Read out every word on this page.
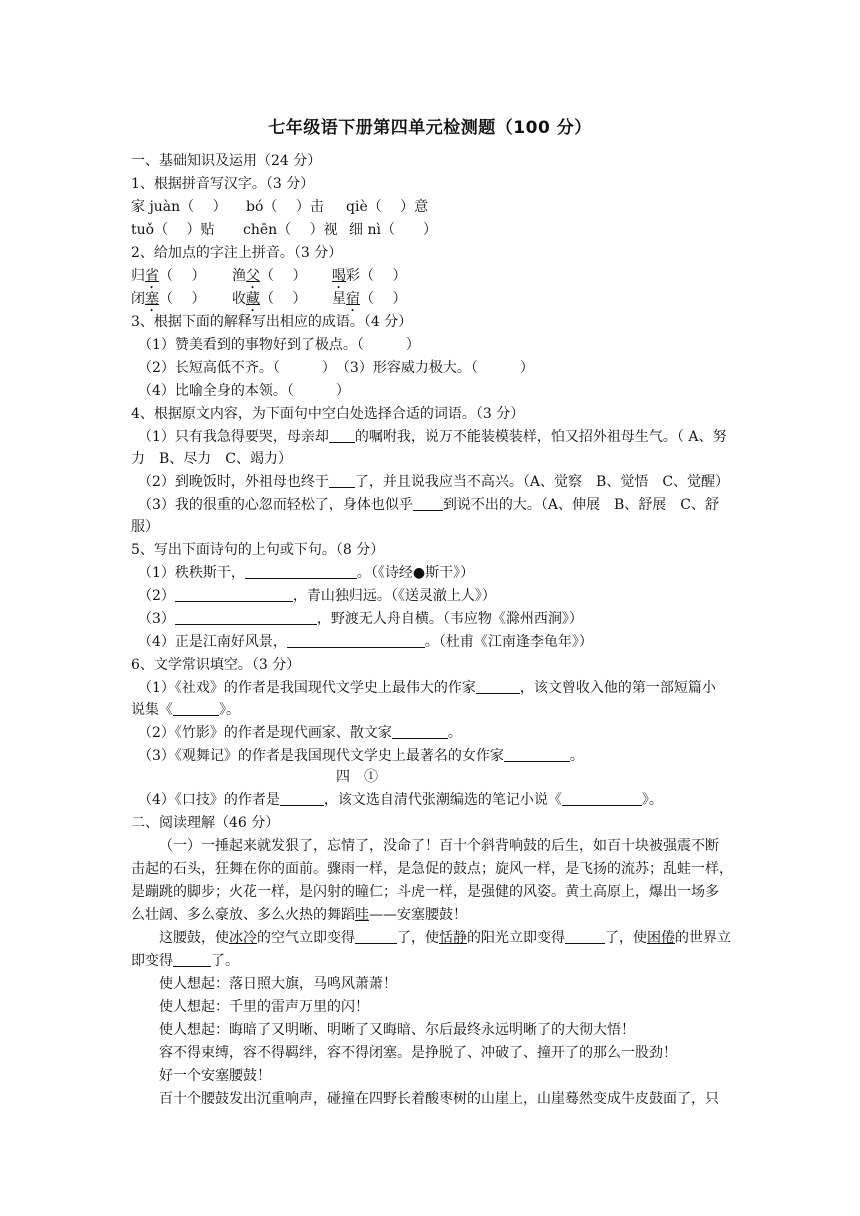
七年级语下册第四单元检测题（100 分）
一、基础知识及运用（24 分）
1、根据拼音写汉字。（3 分）
家 juàn（　 ） bó（　 ）击 qiè（　 ）意
tuǒ（　 ）贴 chēn（　 ）视 细 nì（　　）
2、给加点的字注上拼音。（3 分）
归省（　 ） 渔父（　 ） 喝彩（　 ）
闭塞（　 ） 收藏（　 ） 星宿（　 ）
3、根据下面的解释写出相应的成语。（4 分）
（1）赞美看到的事物好到了极点。（　　　）
（2）长短高低不齐。（　　　）　（3）形容威力极大。（　　　）
（4）比喻全身的本领。（　　　）
4、根据原文内容，为下面句中空白处选择合适的词语。（3 分）
（1）只有我急得要哭，母亲却 的嘱咐我，说万不能装模装样，怕又招外祖母生气。（ A、努
力　B、尽力　C、竭力）
（2）到晚饭时，外祖母也终于 了，并且说我应当不高兴。（A、觉察　B、觉悟　C、觉醒）
（3）我的很重的心忽而轻松了，身体也似乎 到说不出的大。（A、伸展　B、舒展　C、舒
服）
5、写出下面诗句的上句或下句。（8 分）
（1）秩秩斯干，	。（《诗经●斯干》）
（2）	，青山独归远。（《送灵澈上人》）
（3）	，野渡无人舟自横。（韦应物《滁州西涧》）
（4）正是江南好风景，	。（杜甫《江南逢李龟年》）
6、文学常识填空。（3 分）
（1）《社戏》的作者是我国现代文学史上最伟大的作家	，该文曾收入他的第一部短篇小
说集《	》。
（2）《竹影》的作者是现代画家、散文家	。
（3）《观舞记》的作者是我国现代文学史上最著名的女作家	。
四　①
（4）《口技》的作者是	，该文选自清代张潮编选的笔记小说《	》。
二、阅读理解（46 分）
（一）一捶起来就发狠了，忘情了，没命了！百十个斜背响鼓的后生，如百十块被强震不断
击起的石头，狂舞在你的面前。骤雨一样，是急促的鼓点；旋风一样，是飞扬的流苏；乱蛙一样，
是蹦跳的脚步；火花一样，是闪射的瞳仁；斗虎一样，是强健的风姿。黄土高原上，爆出一场多
么壮阔、多么豪放、多么火热的舞蹈哇——安塞腰鼓！
这腰鼓，使冰冷的空气立即变得	了，使恬静的阳光立即变得	了，使困倦的世界立
即变得	了。
使人想起：落日照大旗，马鸣风萧萧！
使人想起：千里的雷声万里的闪！
使人想起：晦暗了又明晰、明晰了又晦暗、尔后最终永远明晰了的大彻大悟！
容不得束缚，容不得羁绊，容不得闭塞。是挣脱了、冲破了、撞开了的那么一股劲！
好一个安塞腰鼓！
百十个腰鼓发出沉重响声，碰撞在四野长着酸枣树的山崖上，山崖蓦然变成牛皮鼓面了，只
